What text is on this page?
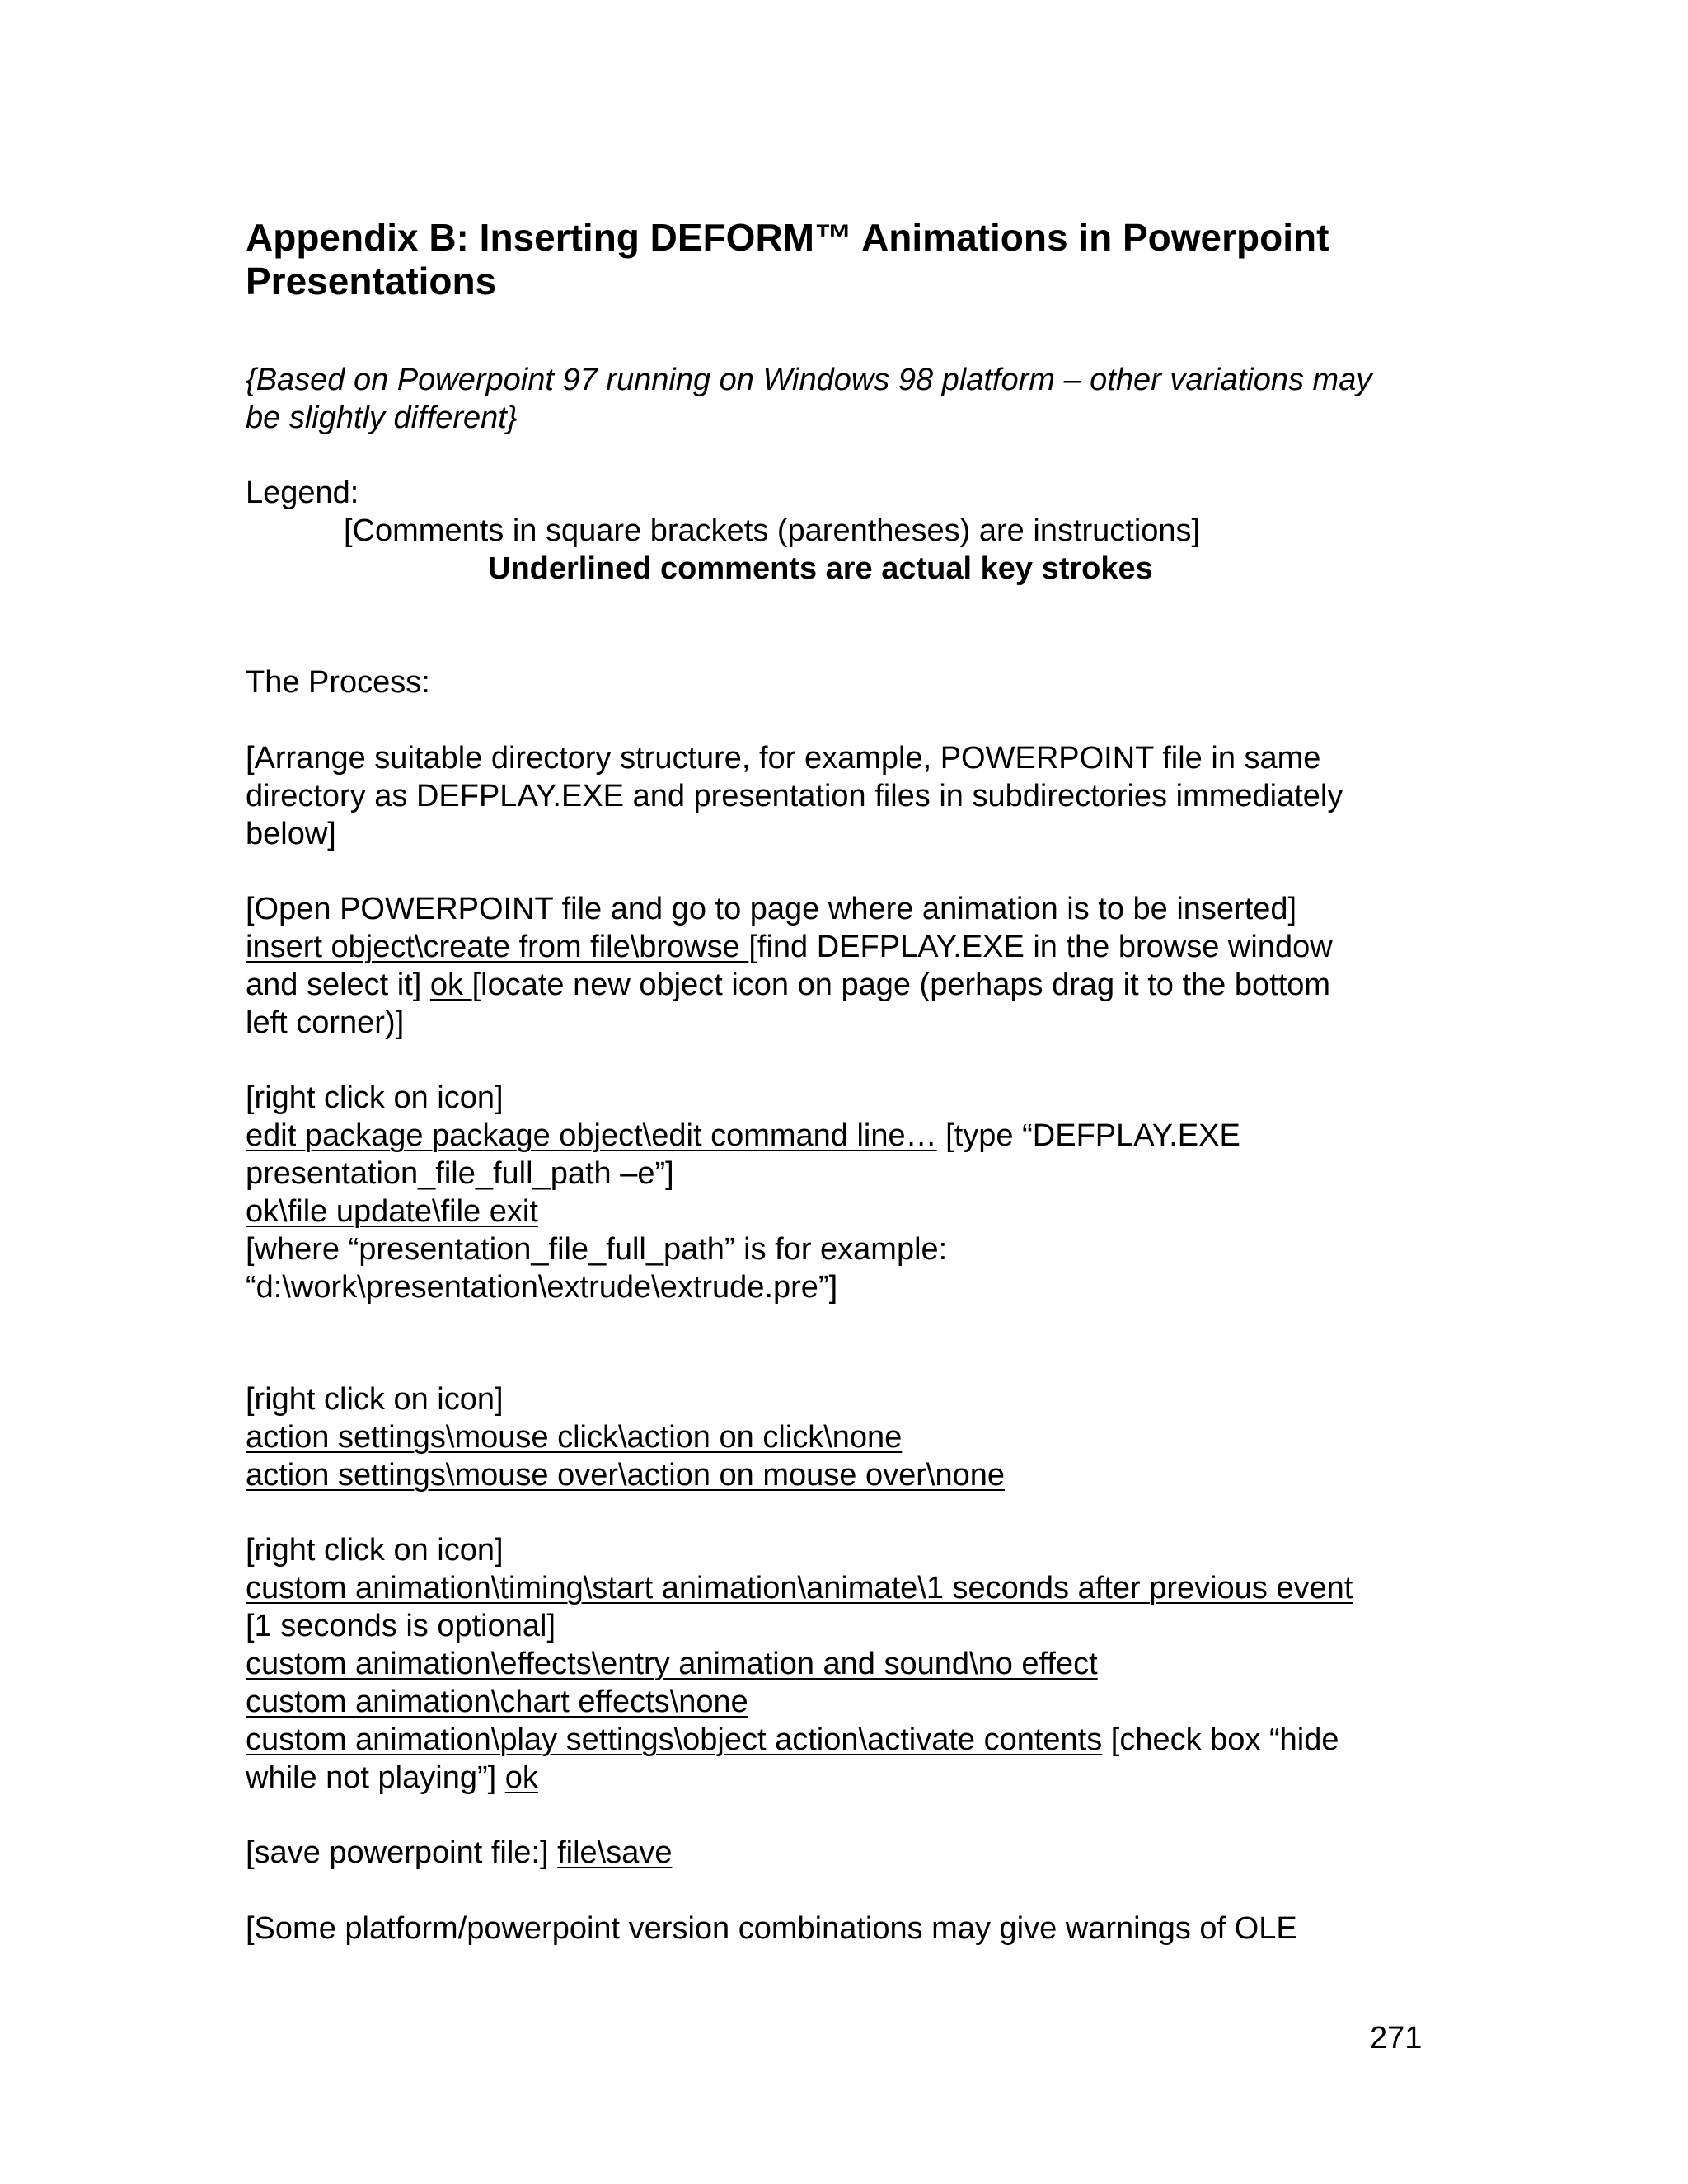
Appendix B: Inserting DEFORM™ Animations in Powerpoint
Presentations
{Based on Powerpoint 97 running on Windows 98 platform – other variations may
be slightly different}
Legend:
[Comments in square brackets (parentheses) are instructions]
Underlined comments are actual key strokes
The Process:
[Arrange suitable directory structure, for example, POWERPOINT file in same
directory as DEFPLAY.EXE and presentation files in subdirectories immediately
below]
[Open POWERPOINT file and go to page where animation is to be inserted]
insert object\create from file\browse [find DEFPLAY.EXE in the browse window
and select it] ok [locate new object icon on page (perhaps drag it to the bottom
left corner)]
[right click on icon]
edit package package object\edit command line… [type “DEFPLAY.EXE
presentation_file_full_path –e”]
ok\file update\file exit
[where “presentation_file_full_path” is for example:
“d:\work\presentation\extrude\extrude.pre”]
[right click on icon]
action settings\mouse click\action on click\none
action settings\mouse over\action on mouse over\none
[right click on icon]
custom animation\timing\start animation\animate\1 seconds after previous event
[1 seconds is optional]
custom animation\effects\entry animation and sound\no effect
custom animation\chart effects\none
custom animation\play settings\object action\activate contents [check box “hide
while not playing”] ok
[save powerpoint file:] file\save
[Some platform/powerpoint version combinations may give warnings of OLE
271
